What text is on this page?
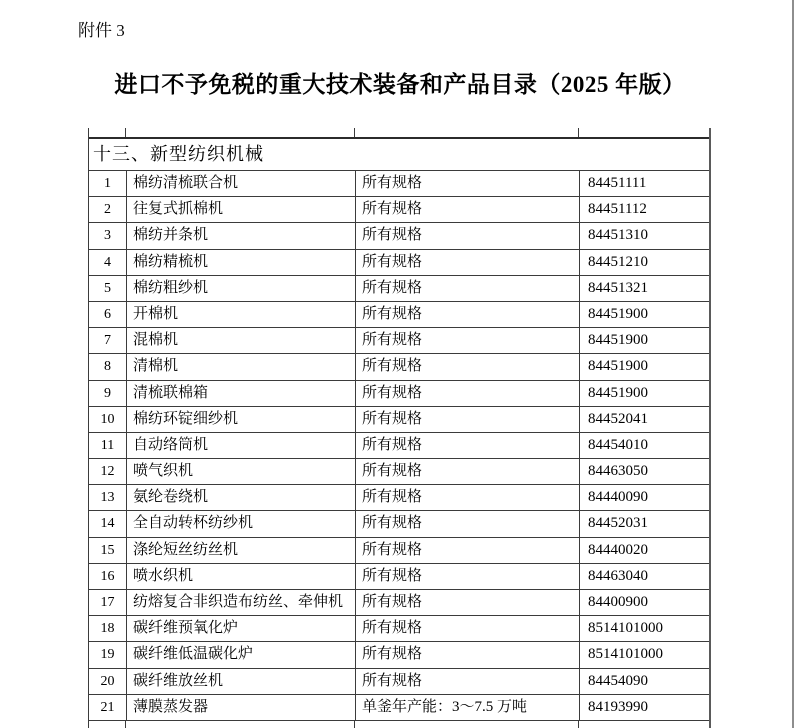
附件 3
进口不予免税的重大技术装备和产品目录（2025 年版）
十三、新型纺织机械
1	棉纺清梳联合机	所有规格	84451111
2	往复式抓棉机	所有规格	84451112
3	棉纺并条机	所有规格	84451310
4	棉纺精梳机	所有规格	84451210
5	棉纺粗纱机	所有规格	84451321
6	开棉机	所有规格	84451900
7	混棉机	所有规格	84451900
8	清棉机	所有规格	84451900
9	清梳联棉箱	所有规格	84451900
10	棉纺环锭细纱机	所有规格	84452041
11	自动络筒机	所有规格	84454010
12	喷气织机	所有规格	84463050
13	氨纶卷绕机	所有规格	84440090
14	全自动转杯纺纱机	所有规格	84452031
15	涤纶短丝纺丝机	所有规格	84440020
16	喷水织机	所有规格	84463040
17	纺熔复合非织造布纺丝、牵伸机	所有规格	84400900
18	碳纤维预氧化炉	所有规格	8514101000
19	碳纤维低温碳化炉	所有规格	8514101000
20	碳纤维放丝机	所有规格	84454090
21	薄膜蒸发器	单釜年产能：3～7.5 万吨	84193990
